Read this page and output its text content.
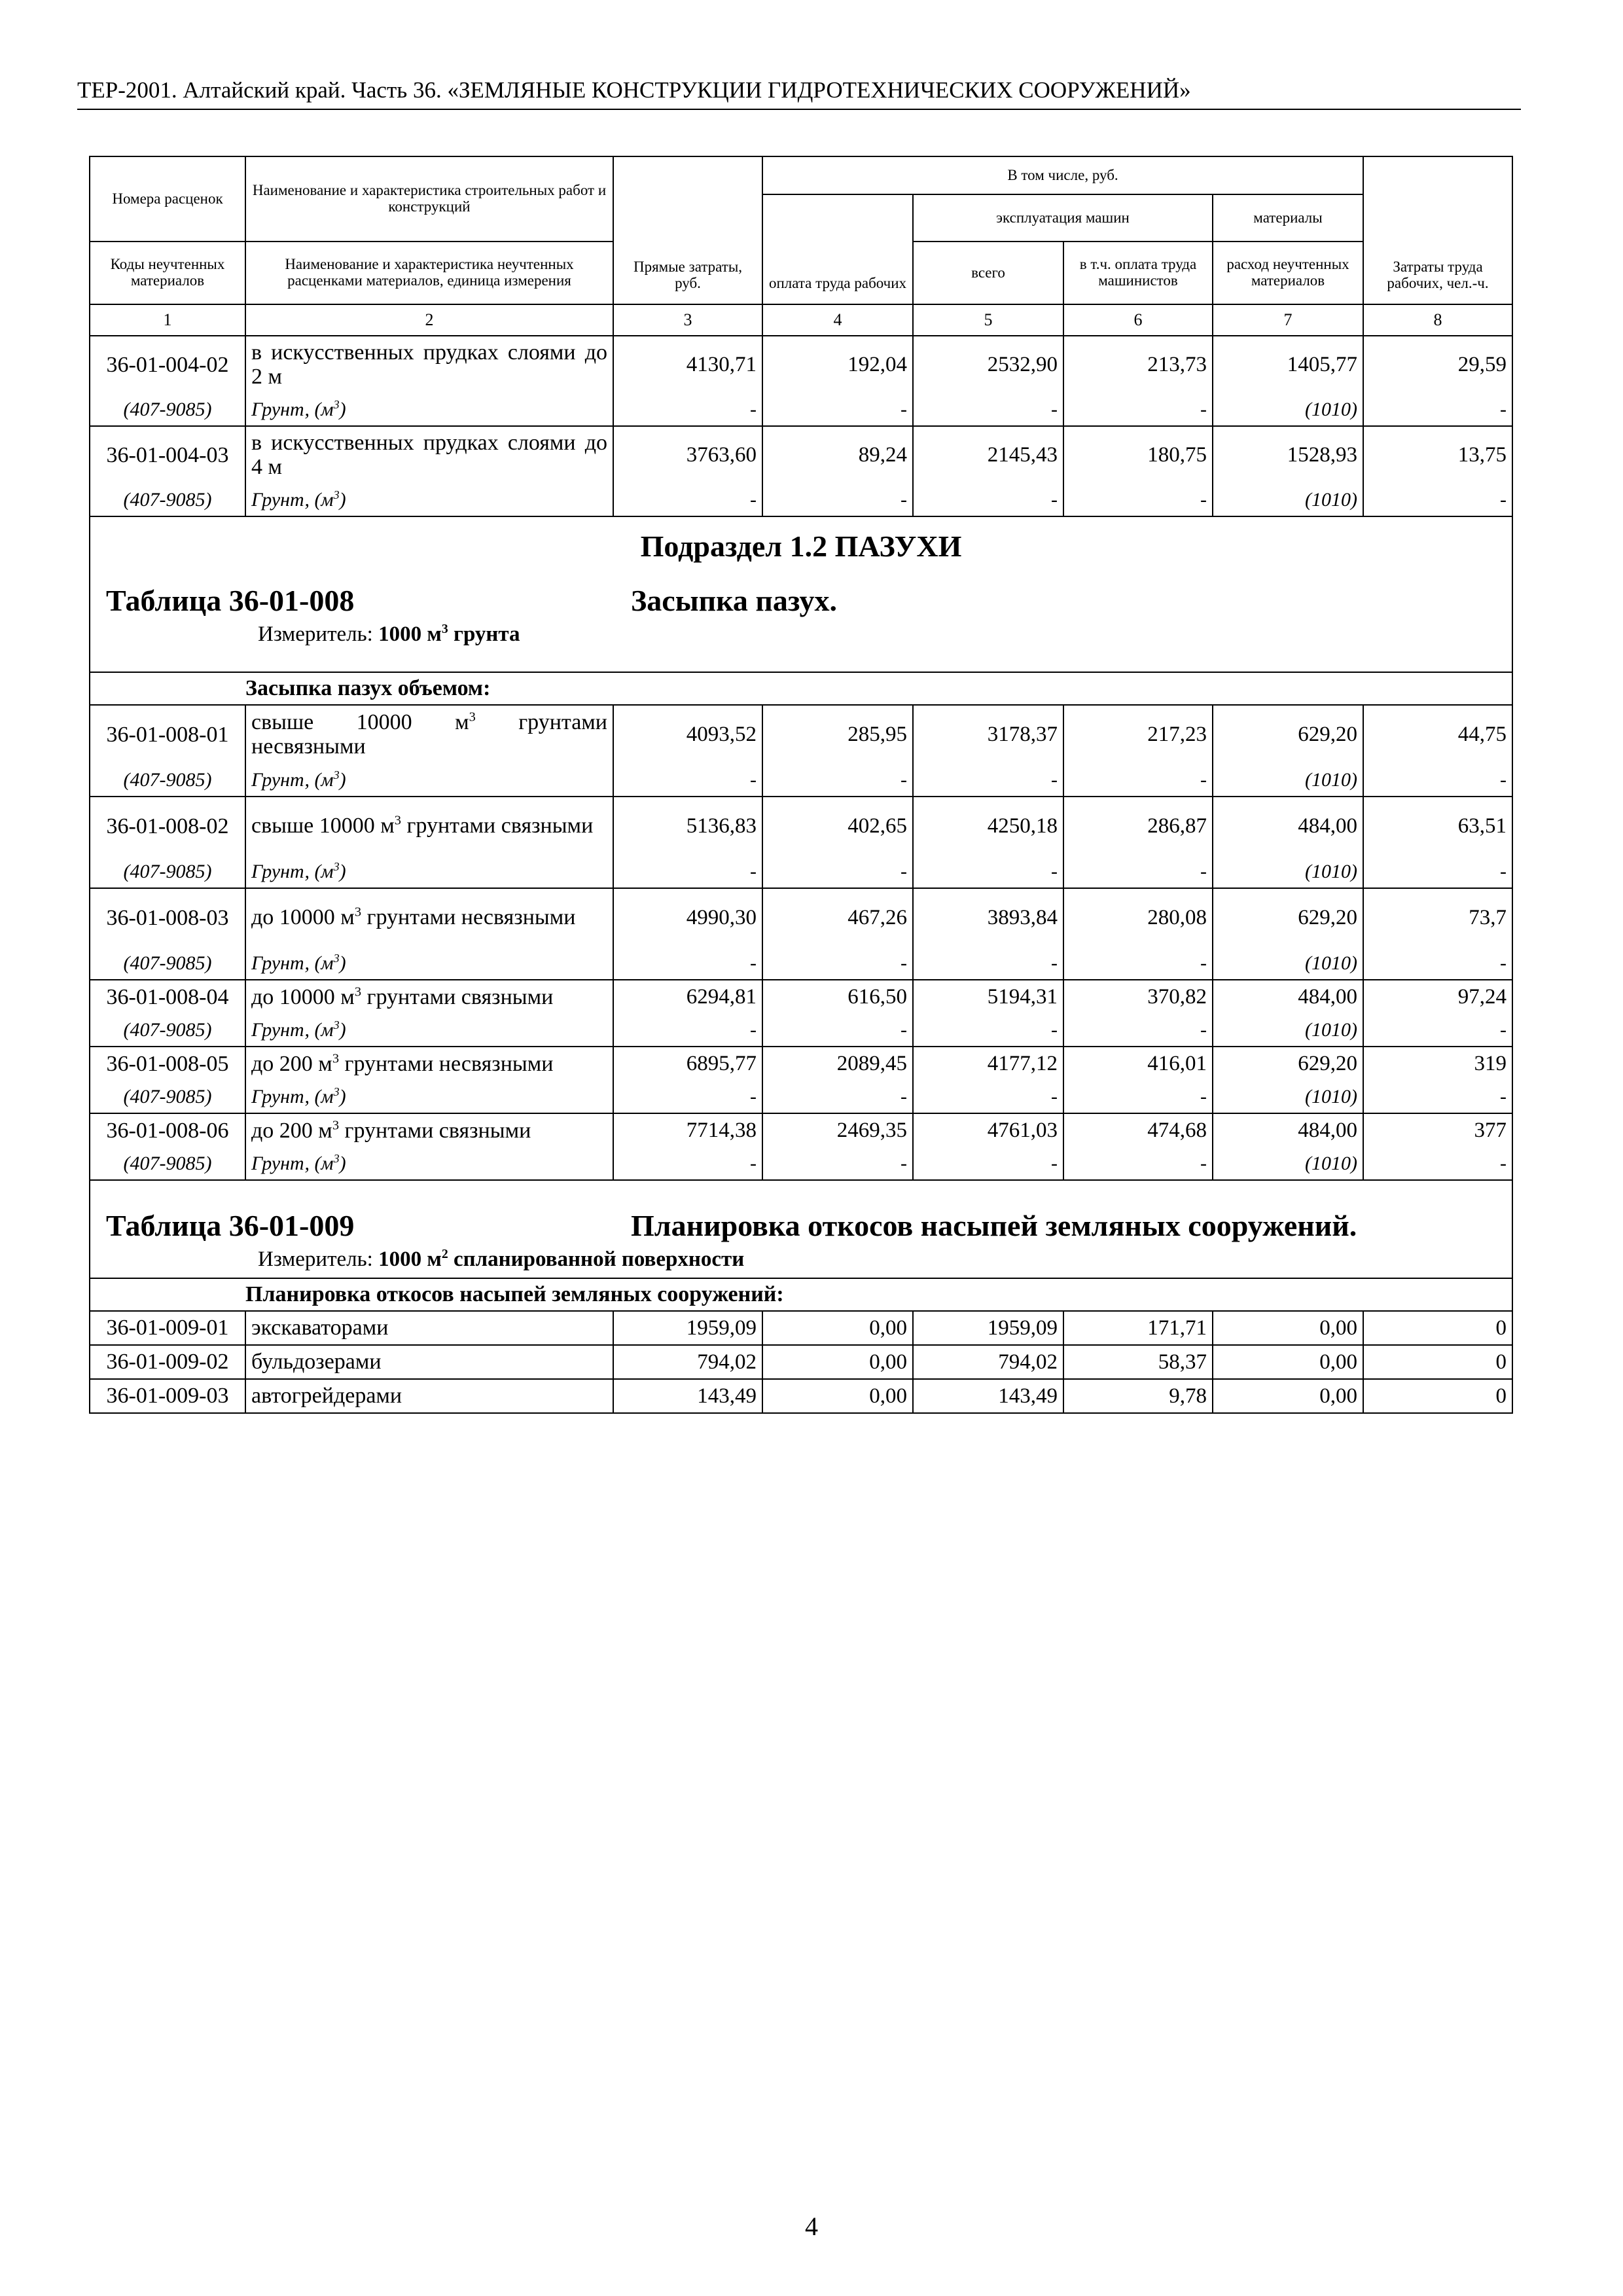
ТЕР-2001. Алтайский край. Часть 36. «ЗЕМЛЯНЫЕ КОНСТРУКЦИИ ГИДРОТЕХНИЧЕСКИХ СООРУЖЕНИЙ»
Номера расценок	Наименование и характеристика строительных работ и конструкций	Прямые затраты, руб.	В том числе, руб.				Затраты труда рабочих, чел.-ч.
			оплата труда рабочих	эксплуатация машин		материалы	
Коды неучтенных материалов	Наименование и характеристика неучтенных расценками материалов, единица измерения			всего	в т.ч. оплата труда машинистов	расход неучтенных материалов	
1	2	3	4	5	6	7	8
36-01-004-02	в искусственных прудках слоями до 2 м	4130,71	192,04	2532,90	213,73	1405,77	29,59
(407-9085)	Грунт, $(м^3)$	-	-	-	-	(1010)	-
36-01-004-03	в искусственных прудках слоями до 4 м	3763,60	89,24	2145,43	180,75	1528,93	13,75
(407-9085)	Грунт, $(м^3)$	-	-	-	-	(1010)	-

Подраздел 1.2 ПАЗУХИ
Таблица 36-01-008 Засыпка пазух.
Измеритель: 1000 $м^3$ грунта							

	Засыпка пазух объемом:						
36-01-008-01	свыше 10000 $м^3$ грунтами несвязными	4093,52	285,95	3178,37	217,23	629,20	44,75
(407-9085)	Грунт, $(м^3)$	-	-	-	-	(1010)	-
36-01-008-02	свыше 10000 $м^3$ грунтами связными	5136,83	402,65	4250,18	286,87	484,00	63,51
(407-9085)	Грунт, $(м^3)$	-	-	-	-	(1010)	-
36-01-008-03	до 10000 $м^3$ грунтами несвязными	4990,30	467,26	3893,84	280,08	629,20	73,7
(407-9085)	Грунт, $(м^3)$	-	-	-	-	(1010)	-
36-01-008-04	до 10000 $м^3$ грунтами связными	6294,81	616,50	5194,31	370,82	484,00	97,24
(407-9085)	Грунт, $(м^3)$	-	-	-	-	(1010)	-
36-01-008-05	до 200 $м^3$ грунтами несвязными	6895,77	2089,45	4177,12	416,01	629,20	319
(407-9085)	Грунт, $(м^3)$	-	-	-	-	(1010)	-
36-01-008-06	до 200 $м^3$ грунтами связными	7714,38	2469,35	4761,03	474,68	484,00	377
(407-9085)	Грунт, $(м^3)$	-	-	-	-	(1010)	-

Таблица 36-01-009 Планировка откосов насыпей земляных сооружений.
Измеритель: 1000 $м^2$ спланированной поверхности							

	Планировка откосов насыпей земляных сооружений:						
36-01-009-01	экскаваторами	1959,09	0,00	1959,09	171,71	0,00	0
36-01-009-02	бульдозерами	794,02	0,00	794,02	58,37	0,00	0
36-01-009-03	автогрейдерами	143,49	0,00	143,49	9,78	0,00	0
4
